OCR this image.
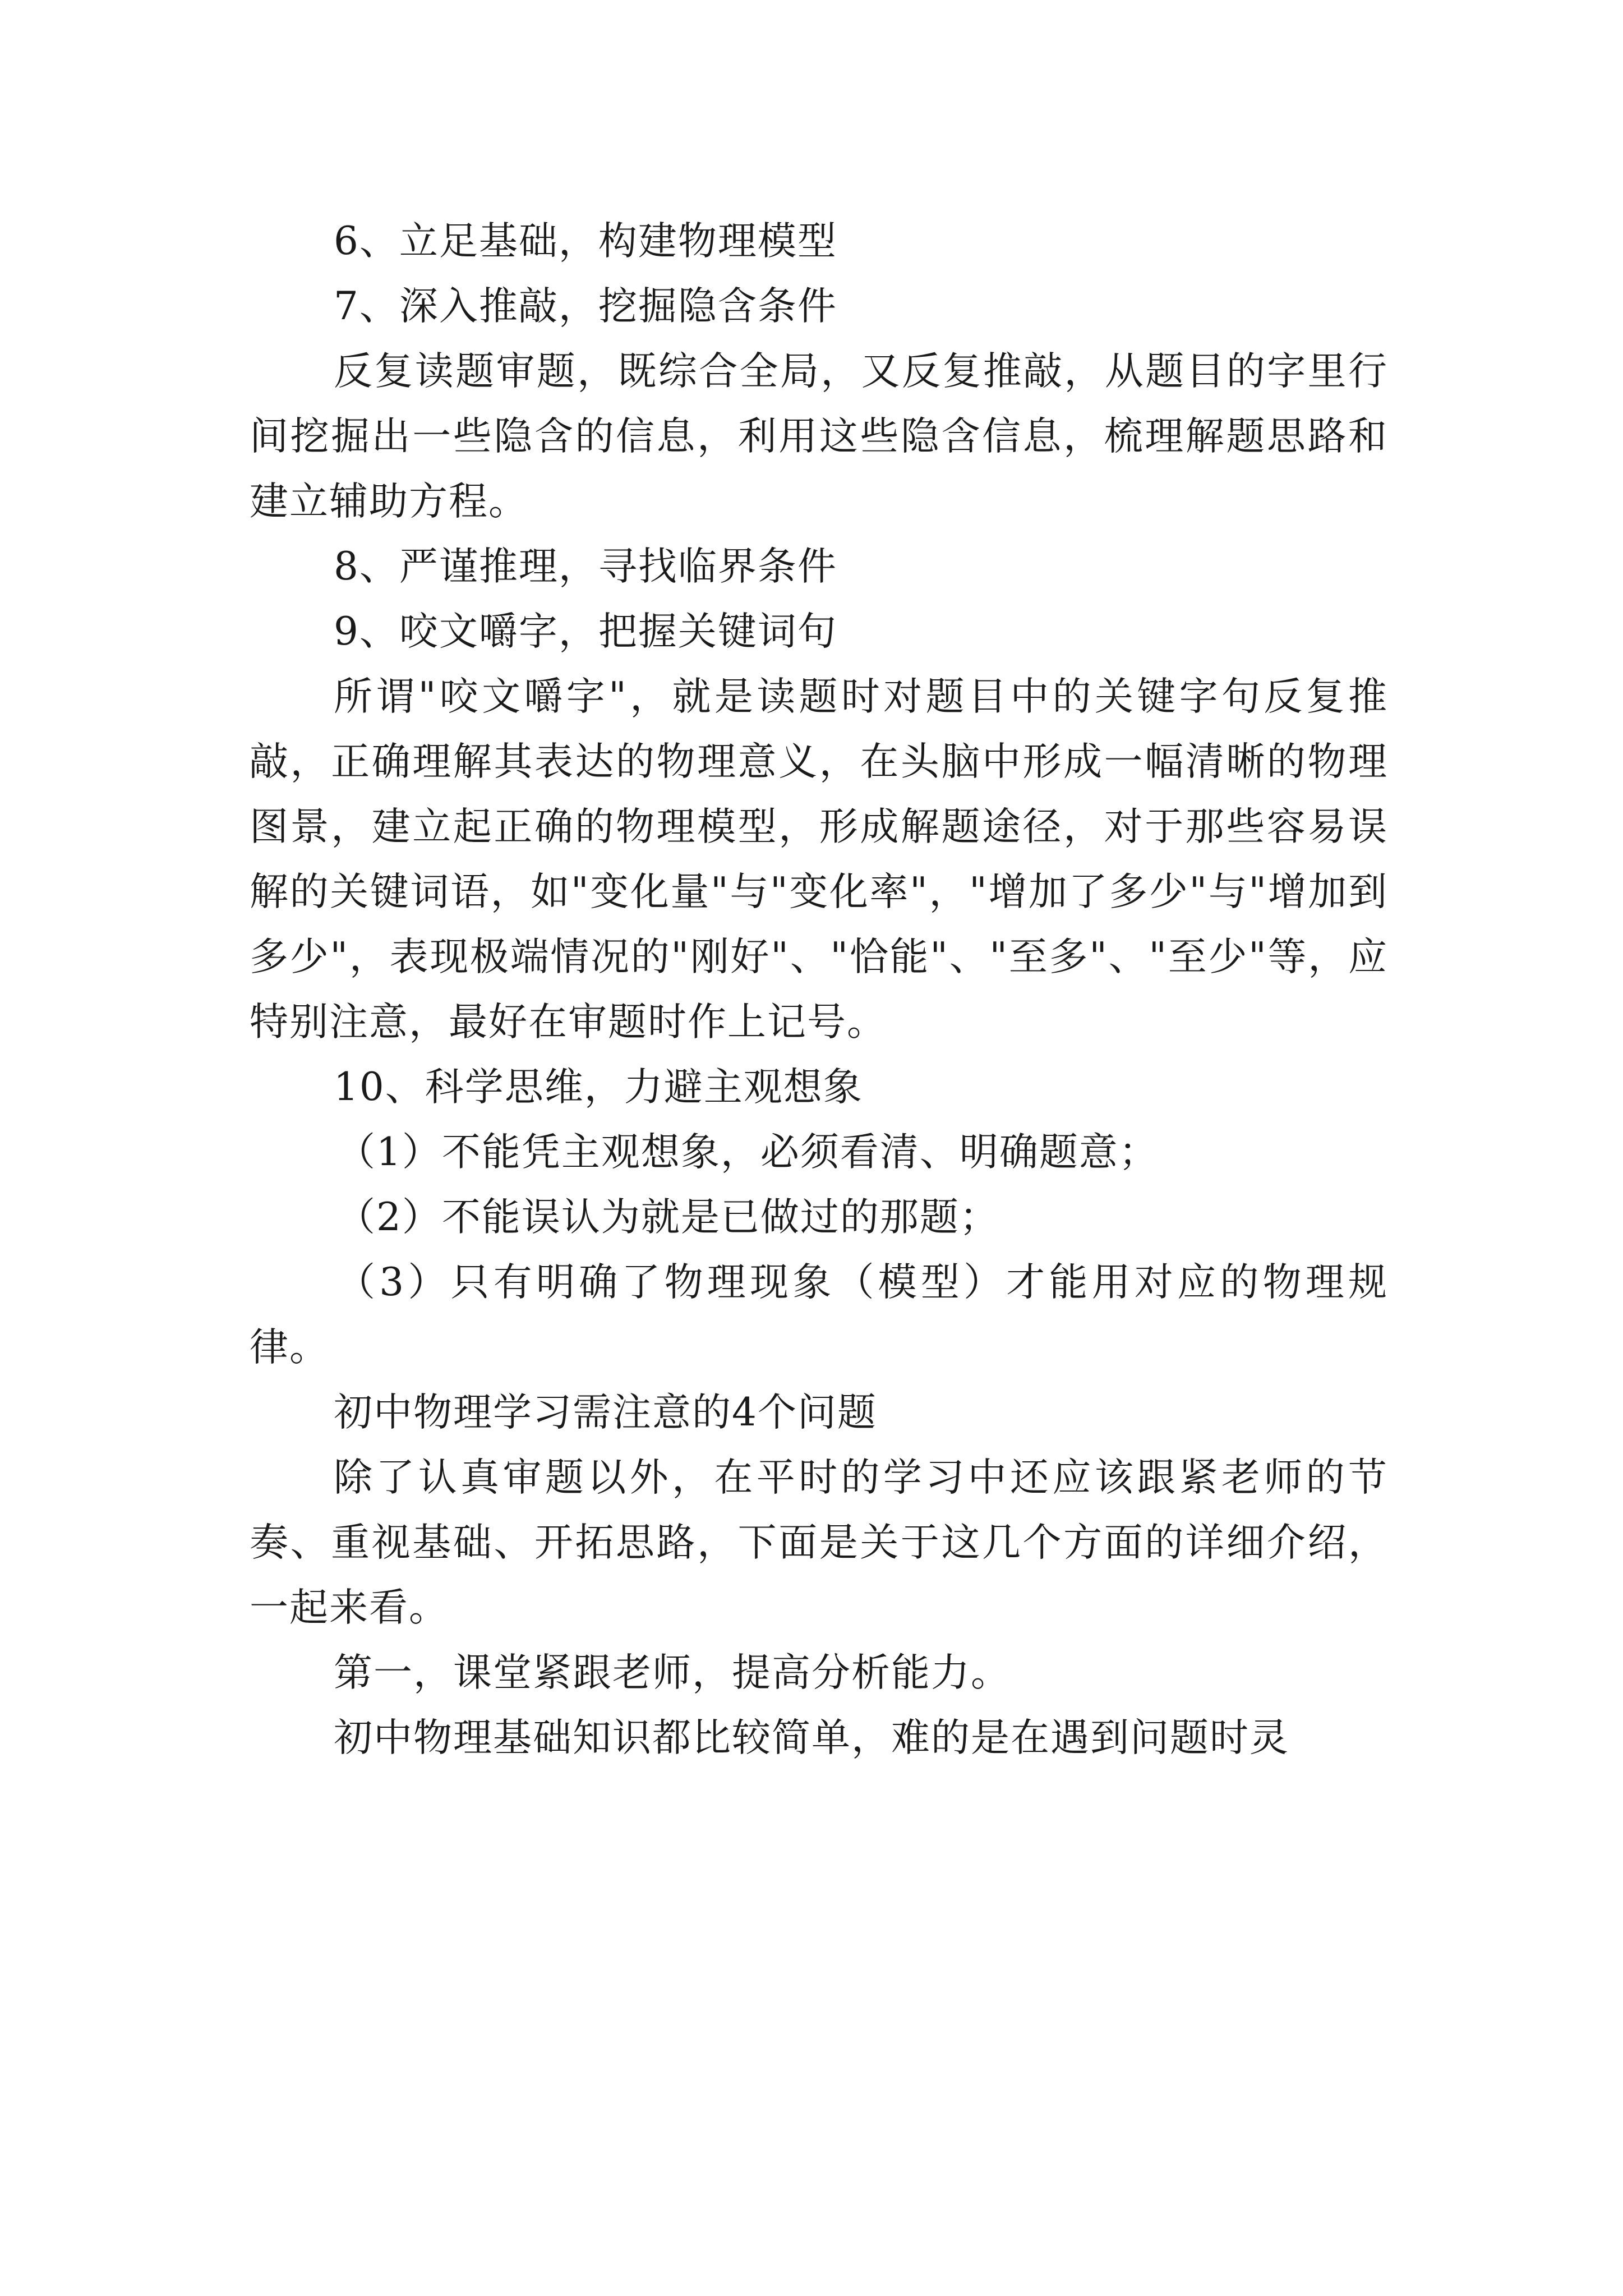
6、立足基础，构建物理模型

7、深入推敲，挖掘隐含条件

反复读题审题，既综合全局，又反复推敲，从题目的字里行间挖掘出一些隐含的信息，利用这些隐含信息，梳理解题思路和建立辅助方程。

8、严谨推理，寻找临界条件

9、咬文嚼字，把握关键词句

所谓"咬文嚼字"，就是读题时对题目中的关键字句反复推敲，正确理解其表达的物理意义，在头脑中形成一幅清晰的物理图景，建立起正确的物理模型，形成解题途径，对于那些容易误解的关键词语，如"变化量"与"变化率"，"增加了多少"与"增加到多少"，表现极端情况的"刚好"、"恰能"、"至多"、"至少"等，应特别注意，最好在审题时作上记号。

10、科学思维，力避主观想象

（1）不能凭主观想象，必须看清、明确题意；

（2）不能误认为就是已做过的那题；

（3）只有明确了物理现象（模型）才能用对应的物理规律。

初中物理学习需注意的4个问题

除了认真审题以外，在平时的学习中还应该跟紧老师的节奏、重视基础、开拓思路，下面是关于这几个方面的详细介绍，一起来看。

第一，课堂紧跟老师，提高分析能力。

初中物理基础知识都比较简单，难的是在遇到问题时灵
